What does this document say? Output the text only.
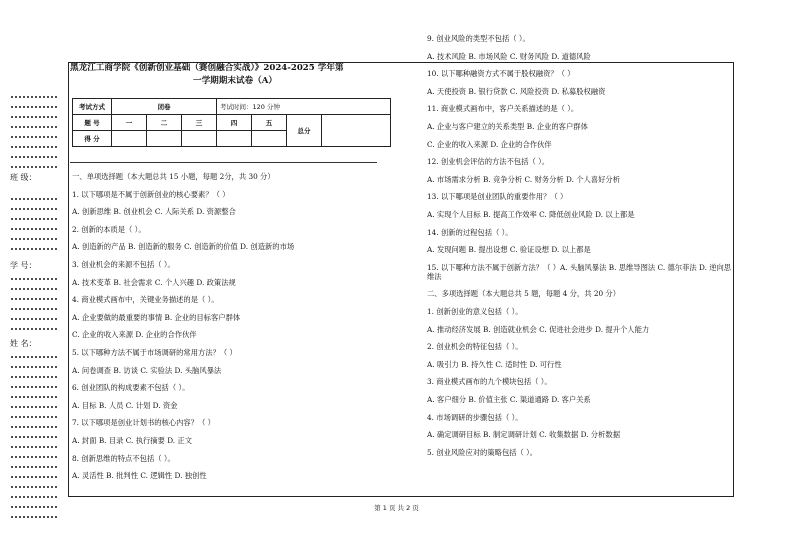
班 级：
学 号：
姓 名：
黑龙江工商学院《创新创业基础（赛创融合实战）》2024-2025 学年第
一学期期末试卷（A）
考试方式	闭卷			考试时间：120 分钟			
题 号	一	二	三	四	五	总分	
得 分							
一、单项选择题（本大题总共 15 小题，每题 2分，共 30 分）
1. 以下哪项是不属于创新创业的核心要素？（ ）
A. 创新思维 B. 创业机会 C. 人际关系 D. 资源整合
2. 创新的本质是（ ）。
A. 创造新的产品 B. 创造新的服务 C. 创造新的价值 D. 创造新的市场
3. 创业机会的来源不包括（ ）。
A. 技术变革 B. 社会需求 C. 个人兴趣 D. 政策法规
4. 商业模式画布中，关键业务描述的是（ ）。
A. 企业要做的最重要的事情 B. 企业的目标客户群体
C. 企业的收入来源 D. 企业的合作伙伴
5. 以下哪种方法不属于市场调研的常用方法？（ ）
A. 问卷调查 B. 访谈 C. 实验法 D. 头脑风暴法
6. 创业团队的构成要素不包括（ ）。
A. 目标 B. 人员 C. 计划 D. 资金
7. 以下哪项是创业计划书的核心内容？（ ）
A. 封面 B. 目录 C. 执行摘要 D. 正文
8. 创新思维的特点不包括（ ）。
A. 灵活性 B. 批判性 C. 逻辑性 D. 独创性
9. 创业风险的类型不包括（ ）。
A. 技术风险 B. 市场风险 C. 财务风险 D. 道德风险
10. 以下哪种融资方式不属于股权融资？（ ）
A. 天使投资 B. 银行贷款 C. 风险投资 D. 私募股权融资
11. 商业模式画布中，客户关系描述的是（ ）。
A. 企业与客户建立的关系类型 B. 企业的客户群体
C. 企业的收入来源 D. 企业的合作伙伴
12. 创业机会评估的方法不包括（ ）。
A. 市场需求分析 B. 竞争分析 C. 财务分析 D. 个人喜好分析
13. 以下哪项是创业团队的重要作用？（ ）
A. 实现个人目标 B. 提高工作效率 C. 降低创业风险 D. 以上都是
14. 创新的过程包括（ ）。
A. 发现问题 B. 提出设想 C. 验证设想 D. 以上都是
15. 以下哪种方法不属于创新方法？（ ）A. 头脑风暴法 B. 思维导图法 C. 德尔菲法 D. 逆向思维法
二、多项选择题（本大题总共 5 题，每题 4 分，共 20 分）
1. 创新创业的意义包括（ ）。
A. 推动经济发展 B. 创造就业机会 C. 促进社会进步 D. 提升个人能力
2. 创业机会的特征包括（ ）。
A. 吸引力 B. 持久性 C. 适时性 D. 可行性
3. 商业模式画布的九个模块包括（ ）。
A. 客户细分 B. 价值主张 C. 渠道通路 D. 客户关系
4. 市场调研的步骤包括（ ）。
A. 确定调研目标 B. 制定调研计划 C. 收集数据 D. 分析数据
5. 创业风险应对的策略包括（ ）。
第 1 页 共 2 页
